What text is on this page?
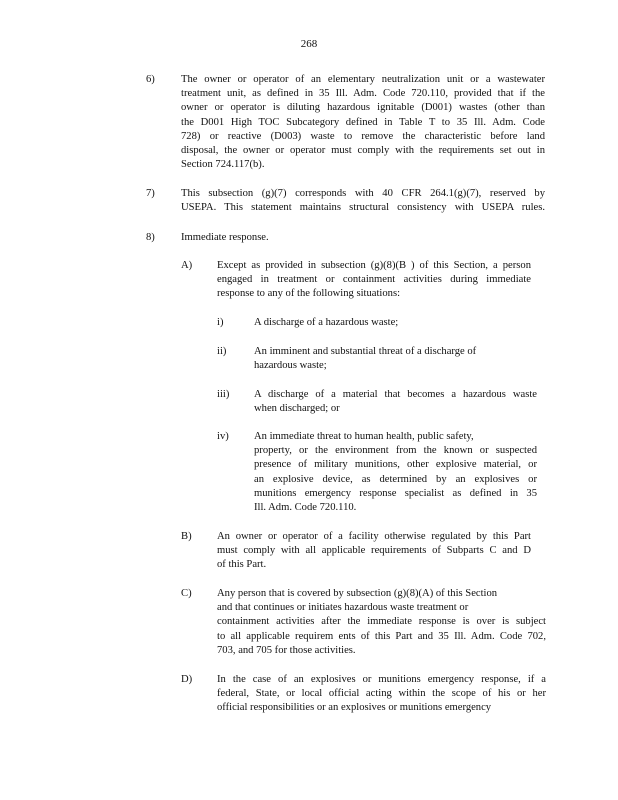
268
6) The owner or operator of an elementary neutralization unit or a wastewater
treatment unit, as defined in 35 Ill. Adm. Code 720.110, provided that if the
owner or operator is diluting hazardous ignitable (D001) wastes (other than
the D001 High TOC Subcategory defined in Table T to 35 Ill. Adm. Code
728) or reactive (D003) waste to remove the characteristic before land
disposal, the owner or operator must comply with the requirements set out in
Section 724.117(b).
7) This subsection (g)(7) corresponds with 40 CFR 264.1(g)(7), reserved by
USEPA. This statement maintains structural consistency with USEPA rules.
8) Immediate response.
A) Except as provided in subsection (g)(8)(B ) of this Section, a person
engaged in treatment or containment activities during immediate
response to any of the following situations:
i)	A discharge of a hazardous waste;
ii)	An imminent and substantial threat of a discharge of
hazardous waste;
iii) A discharge of a material that becomes a hazardous waste
when discharged; or
iv) An immediate threat to human health, public safety,
property, or the environment from the known or suspected
presence of military munitions, other explosive material, or
an explosive device, as determined by an explosives or
munitions emergency response specialist as defined in 35
Ill. Adm. Code 720.110.
B) An owner or operator of a facility otherwise regulated by this Part
must comply with all applicable requirements of Subparts C and D
of this Part.
C) Any person that is covered by subsection (g)(8)(A) of this Section
and that continues or initiates hazardous waste treatment or
containment activities after the immediate response is over is subject
to all applicable requirem ents of this Part and 35 Ill. Adm. Code 702,
703, and 705 for those activities.
D) In the case of an explosives or munitions emergency response, if a
federal, State, or local official acting within the scope of his or her
official responsibilities or an explosives or munitions emergency
